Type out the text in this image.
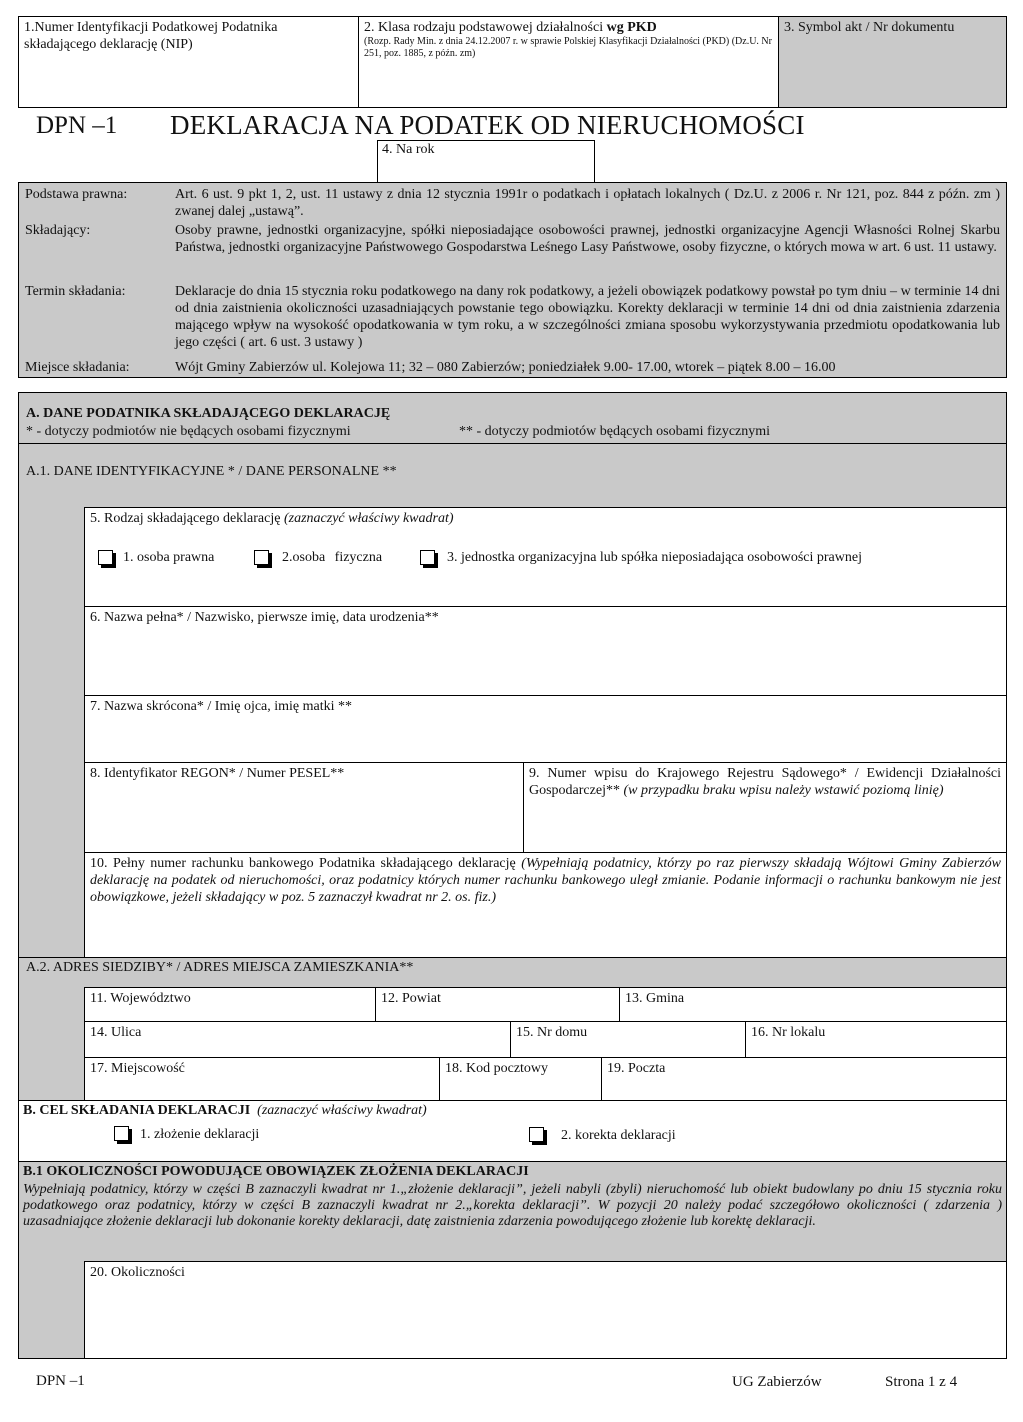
1.Numer Identyfikacji Podatkowej Podatnika składającego deklarację (NIP)
2. Klasa rodzaju podstawowej działalności wg PKD
(Rozp. Rady Min. z dnia 24.12.2007 r. w sprawie Polskiej Klasyfikacji Działalności (PKD) (Dz.U. Nr 251, poz. 1885, z późn. zm)
3. Symbol akt / Nr dokumentu
DPN –1 DEKLARACJA NA PODATEK OD NIERUCHOMOŚCI
4. Na rok
Podstawa prawna:	Art. 6 ust. 9 pkt 1, 2, ust. 11 ustawy z dnia 12 stycznia 1991r o podatkach i opłatach lokalnych ( Dz.U. z 2006 r. Nr 121, poz. 844 z późn. zm ) zwanej dalej „ustawą”.
Składający:	Osoby prawne, jednostki organizacyjne, spółki nieposiadające osobowości prawnej, jednostki organizacyjne Agencji Własności Rolnej Skarbu Państwa, jednostki organizacyjne Państwowego Gospodarstwa Leśnego Lasy Państwowe, osoby fizyczne, o których mowa w art. 6 ust. 11 ustawy.
Termin składania:	Deklaracje do dnia 15 stycznia roku podatkowego na dany rok podatkowy, a jeżeli obowiązek podatkowy powstał po tym dniu – w terminie 14 dni od dnia zaistnienia okoliczności uzasadniających powstanie tego obowiązku. Korekty deklaracji w terminie 14 dni od dnia zaistnienia zdarzenia mającego wpływ na wysokość opodatkowania w tym roku, a w szczególności zmiana sposobu wykorzystywania przedmiotu opodatkowania lub jego części ( art. 6 ust. 3 ustawy )
Miejsce składania:	Wójt Gminy Zabierzów ul. Kolejowa 11; 32 – 080 Zabierzów; poniedziałek 9.00- 17.00, wtorek – piątek 8.00 – 16.00
A. DANE PODATNIKA SKŁADAJĄCEGO DEKLARACJĘ
* - dotyczy podmiotów nie będących osobami fizycznymi	** - dotyczy podmiotów będących osobami fizycznymi
A.1. DANE IDENTYFIKACYJNE * / DANE PERSONALNE **
5. Rodzaj składającego deklarację (zaznaczyć właściwy kwadrat)
1. osoba prawna	2.osoba fizyczna	3. jednostka organizacyjna lub spółka nieposiadająca osobowości prawnej
6. Nazwa pełna* / Nazwisko, pierwsze imię, data urodzenia**
7. Nazwa skrócona* / Imię ojca, imię matki **
8. Identyfikator REGON* / Numer PESEL**	9. Numer wpisu do Krajowego Rejestru Sądowego* / Ewidencji Działalności Gospodarczej** (w przypadku braku wpisu należy wstawić poziomą linię)
10. Pełny numer rachunku bankowego Podatnika składającego deklarację (Wypełniają podatnicy, którzy po raz pierwszy składają Wójtowi Gminy Zabierzów deklarację na podatek od nieruchomości, oraz podatnicy których numer rachunku bankowego uległ zmianie. Podanie informacji o rachunku bankowym nie jest obowiązkowe, jeżeli składający w poz. 5 zaznaczył kwadrat nr 2. os. fiz.)
A.2. ADRES SIEDZIBY* / ADRES MIEJSCA ZAMIESZKANIA**
11. Województwo	12. Powiat	13. Gmina
14. Ulica	15. Nr domu	16. Nr lokalu
17. Miejscowość	18. Kod pocztowy	19. Poczta
B. CEL SKŁADANIA DEKLARACJI (zaznaczyć właściwy kwadrat)
1. złożenie deklaracji	2. korekta deklaracji
B.1 OKOLICZNOŚCI POWODUJĄCE OBOWIĄZEK ZŁOŻENIA DEKLARACJI
Wypełniają podatnicy, którzy w części B zaznaczyli kwadrat nr 1.„złożenie deklaracji”, jeżeli nabyli (zbyli) nieruchomość lub obiekt budowlany po dniu 15 stycznia roku podatkowego oraz podatnicy, którzy w części B zaznaczyli kwadrat nr 2.„korekta deklaracji”. W pozycji 20 należy podać szczegółowo okoliczności ( zdarzenia ) uzasadniające złożenie deklaracji lub dokonanie korekty deklaracji, datę zaistnienia zdarzenia powodującego złożenie lub korektę deklaracji.
20. Okoliczności
DPN –1	UG Zabierzów	Strona 1 z 4
